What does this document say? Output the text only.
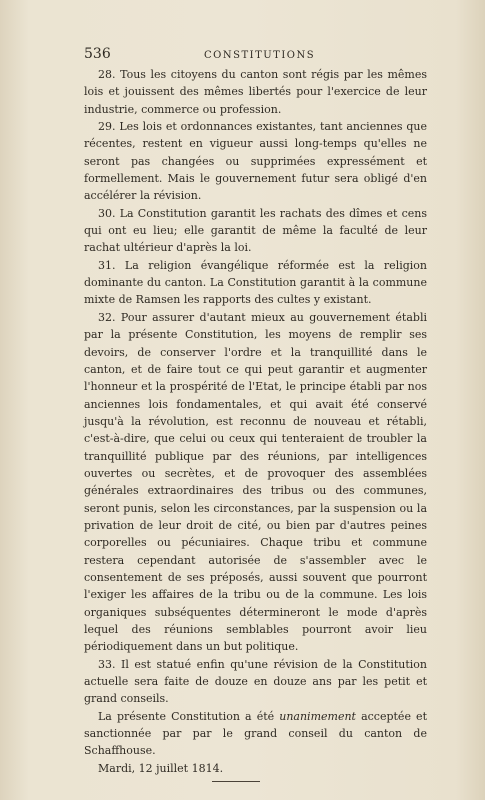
536	CONSTITUTIONS

28. Tous les citoyens du canton sont régis par les mêmes lois et jouissent des mêmes libertés pour l'exercice de leur industrie, commerce ou profession.

29. Les lois et ordonnances existantes, tant anciennes que récentes, restent en vigueur aussi long-temps qu'elles ne seront pas changées ou supprimées expressément et formellement. Mais le gouvernement futur sera obligé d'en accélérer la révision.

30. La Constitution garantit les rachats des dîmes et cens qui ont eu lieu; elle garantit de même la faculté de leur rachat ultérieur d'après la loi.

31. La religion évangélique réformée est la religion dominante du canton. La Constitution garantit à la commune mixte de Ramsen les rapports des cultes y existant.

32. Pour assurer d'autant mieux au gouvernement établi par la présente Constitution, les moyens de remplir ses devoirs, de conserver l'ordre et la tranquillité dans le canton, et de faire tout ce qui peut garantir et augmenter l'honneur et la prospérité de l'Etat, le principe établi par nos anciennes lois fondamentales, et qui avait été conservé jusqu'à la révolution, est reconnu de nouveau et rétabli, c'est-à-dire, que celui ou ceux qui tenteraient de troubler la tranquillité publique par des réunions, par intelligences ouvertes ou secrètes, et de provoquer des assemblées générales extraordinaires des tribus ou des communes, seront punis, selon les circonstances, par la suspension ou la privation de leur droit de cité, ou bien par d'autres peines corporelles ou pécuniaires. Chaque tribu et commune restera cependant autorisée de s'assembler avec le consentement de ses préposés, aussi souvent que pourront l'exiger les affaires de la tribu ou de la commune. Les lois organiques subséquentes détermineront le mode d'après lequel des réunions semblables pourront avoir lieu périodiquement dans un but politique.

33. Il est statué enfin qu'une révision de la Constitution actuelle sera faite de douze en douze ans par les petit et grand conseils.

La présente Constitution a été unanimement acceptée et sanctionnée par par le grand conseil du canton de Schaffhouse.

Mardi, 12 juillet 1814.
